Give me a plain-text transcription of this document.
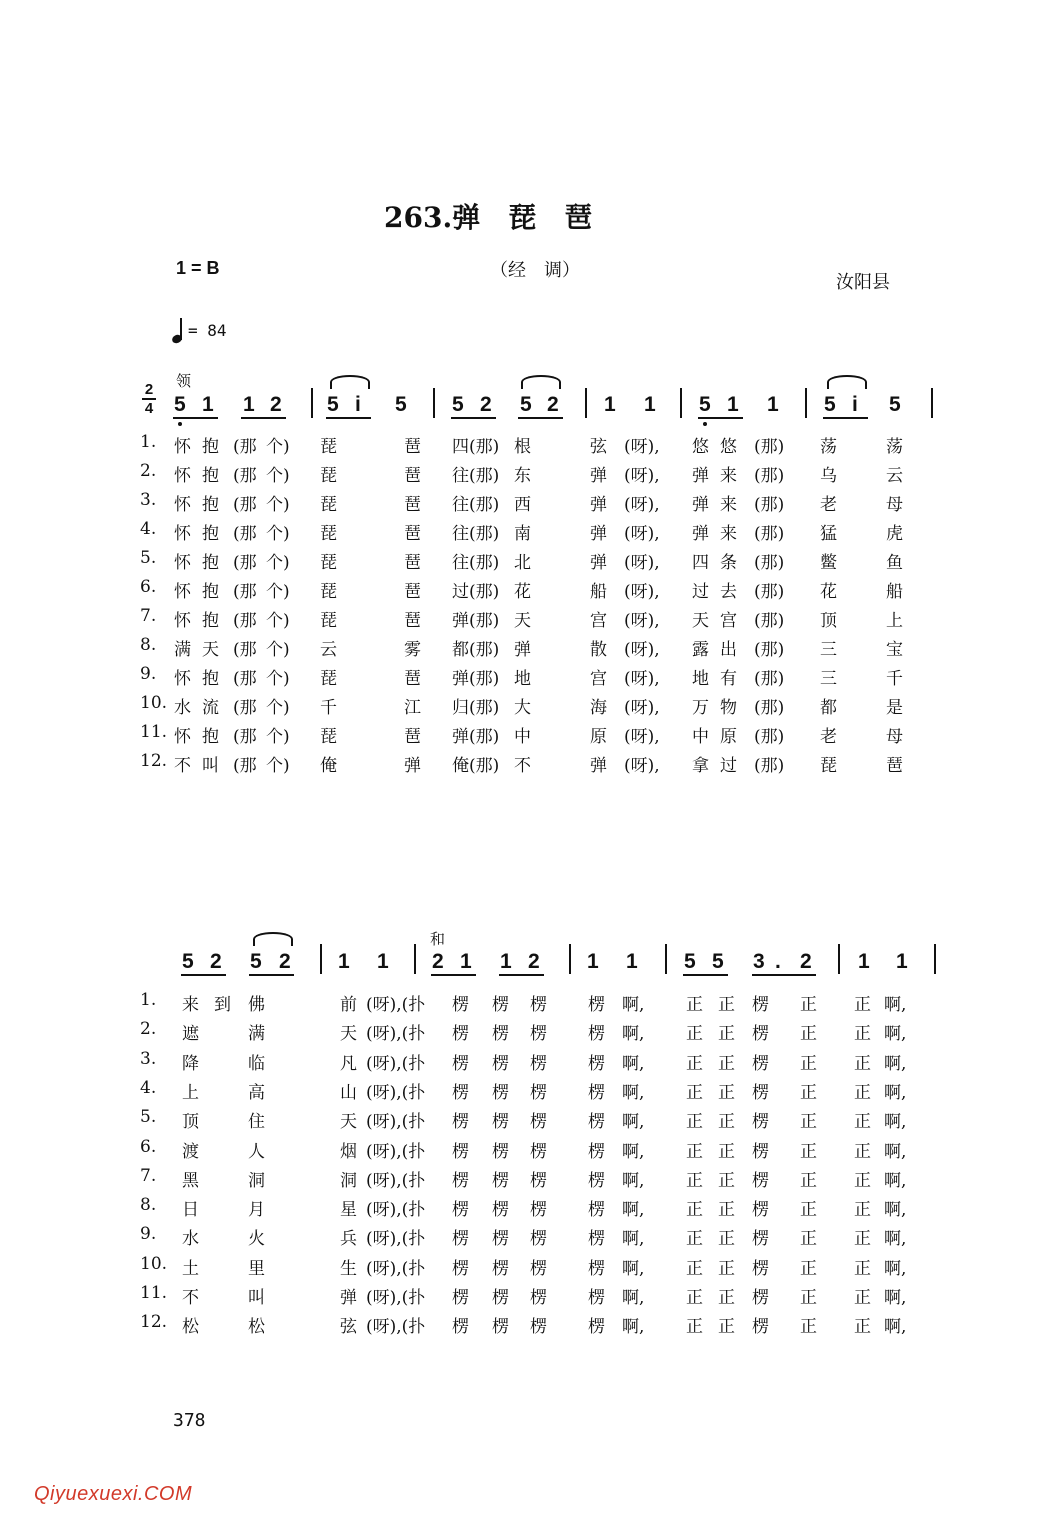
263.弹　琵　琶
1 = B	（经　调）
汝阳县
= 84
领
2
4 5 1 1 2 5 i 5 5 2 5 2 1 1 5 1 1 5 i 5
1. 怀 抱 (那 个) 琵	琶 四(那) 根	弦 (呀), 悠 悠 (那) 荡	荡
2. 怀 抱 (那 个) 琵	琶 往(那) 东	弹 (呀), 弹 来 (那) 乌	云
3. 怀 抱 (那 个) 琵	琶 往(那) 西	弹 (呀), 弹 来 (那) 老	母
4. 怀 抱 (那 个) 琵	琶 往(那) 南	弹 (呀), 弹 来 (那) 猛	虎
5. 怀 抱 (那 个) 琵	琶 往(那) 北	弹 (呀), 四 条 (那) 鳖	鱼
6. 怀 抱 (那 个) 琵	琶 过(那) 花	船 (呀), 过 去 (那) 花	船
7. 怀 抱 (那 个) 琵	琶 弹(那) 天	宫 (呀), 天 宫 (那) 顶	上
8. 满 天 (那 个) 云	雾 都(那) 弹	散 (呀), 露 出 (那) 三	宝
9. 怀 抱 (那 个) 琵	琶 弹(那) 地	宫 (呀), 地 有 (那) 三	千
10. 水 流 (那 个) 千	江 归(那) 大	海 (呀), 万 物 (那) 都	是
11. 怀 抱 (那 个) 琵	琶 弹(那) 中	原 (呀), 中 原 (那) 老	母
12. 不 叫 (那 个) 俺	弹 俺(那) 不	弹 (呀), 拿 过 (那) 琵	琶
和
5 2 5 2 1 1 2 1 1 2 1 1 5 5 3 . 2 1 1
1. 来 到 佛	前 (呀),(扑 楞 楞 楞 楞 啊, 正 正 楞 正 正 啊,
2. 遮	满	天 (呀),(扑 楞 楞 楞 楞 啊, 正 正 楞 正 正 啊,
3. 降	临	凡 (呀),(扑 楞 楞 楞 楞 啊, 正 正 楞 正 正 啊,
4. 上	高	山 (呀),(扑 楞 楞 楞 楞 啊, 正 正 楞 正 正 啊,
5. 顶	住	天 (呀),(扑 楞 楞 楞 楞 啊, 正 正 楞 正 正 啊,
6. 渡	人	烟 (呀),(扑 楞 楞 楞 楞 啊, 正 正 楞 正 正 啊,
7. 黑	洞	洞 (呀),(扑 楞 楞 楞 楞 啊, 正 正 楞 正 正 啊,
8. 日	月	星 (呀),(扑 楞 楞 楞 楞 啊, 正 正 楞 正 正 啊,
9. 水	火	兵 (呀),(扑 楞 楞 楞 楞 啊, 正 正 楞 正 正 啊,
10. 土	里	生 (呀),(扑 楞 楞 楞 楞 啊, 正 正 楞 正 正 啊,
11. 不	叫	弹 (呀),(扑 楞 楞 楞 楞 啊, 正 正 楞 正 正 啊,
12. 松	松	弦 (呀),(扑 楞 楞 楞 楞 啊, 正 正 楞 正 正 啊,
378
Qiyuexuexi.COM
